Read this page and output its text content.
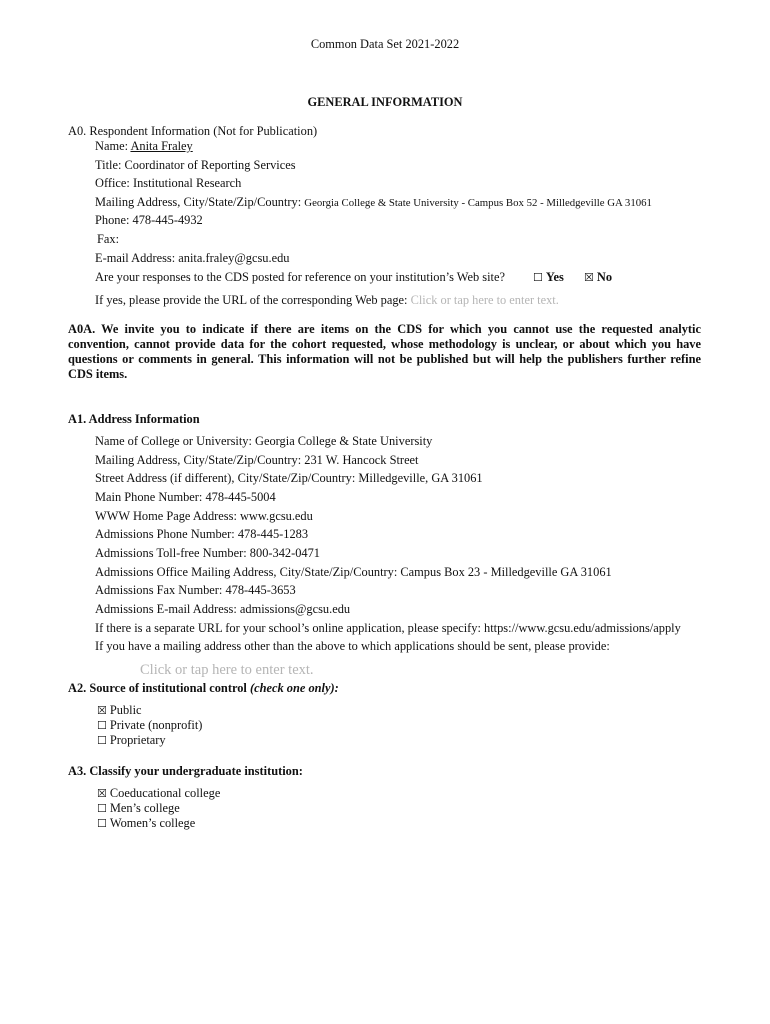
Common Data Set 2021-2022
GENERAL INFORMATION
A0. Respondent Information (Not for Publication)
Name: Anita Fraley
Title: Coordinator of Reporting Services
Office: Institutional Research
Mailing Address, City/State/Zip/Country: Georgia College & State University - Campus Box 52 - Milledgeville GA 31061
Phone: 478-445-4932
Fax:
E-mail Address: anita.fraley@gcsu.edu
Are your responses to the CDS posted for reference on your institution’s Web site?	☐ Yes ☒ No
If yes, please provide the URL of the corresponding Web page: Click or tap here to enter text.
A0A. We invite you to indicate if there are items on the CDS for which you cannot use the requested analytic convention, cannot provide data for the cohort requested, whose methodology is unclear, or about which you have questions or comments in general. This information will not be published but will help the publishers further refine CDS items.
A1. Address Information
Name of College or University: Georgia College & State University
Mailing Address, City/State/Zip/Country: 231 W. Hancock Street
Street Address (if different), City/State/Zip/Country: Milledgeville, GA 31061
Main Phone Number: 478-445-5004
WWW Home Page Address: www.gcsu.edu
Admissions Phone Number: 478-445-1283
Admissions Toll-free Number: 800-342-0471
Admissions Office Mailing Address, City/State/Zip/Country: Campus Box 23 - Milledgeville GA 31061
Admissions Fax Number: 478-445-3653
Admissions E-mail Address: admissions@gcsu.edu
If there is a separate URL for your school’s online application, please specify: https://www.gcsu.edu/admissions/apply
If you have a mailing address other than the above to which applications should be sent, please provide:
Click or tap here to enter text.
A2. Source of institutional control (check one only):
☒ Public
☐ Private (nonprofit)
☐ Proprietary
A3. Classify your undergraduate institution:
☒ Coeducational college
☐ Men’s college
☐ Women’s college
